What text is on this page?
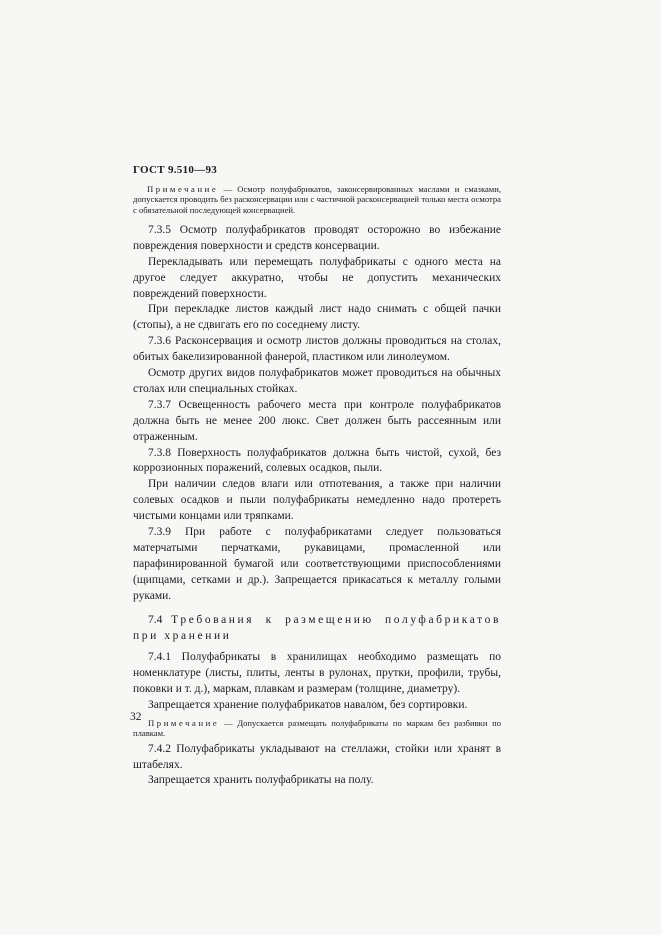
ГОСТ 9.510—93

Примечание — Осмотр полуфабрикатов, законсервированных маслами и смазками, допускается проводить без расконсервации или с частичной расконсервацией только места осмотра с обязательной последующей консервацией.

7.3.5 Осмотр полуфабрикатов проводят осторожно во избежание повреждения поверхности и средств консервации.

Перекладывать или перемещать полуфабрикаты с одного места на другое следует аккуратно, чтобы не допустить механических повреждений поверхности.

При перекладке листов каждый лист надо снимать с общей пачки (стопы), а не сдвигать его по соседнему листу.

7.3.6 Расконсервация и осмотр листов должны проводиться на столах, обитых бакелизированной фанерой, пластиком или линолеумом.

Осмотр других видов полуфабрикатов может проводиться на обычных столах или специальных стойках.

7.3.7 Освещенность рабочего места при контроле полуфабрикатов должна быть не менее 200 люкс. Свет должен быть рассеянным или отраженным.

7.3.8 Поверхность полуфабрикатов должна быть чистой, сухой, без коррозионных поражений, солевых осадков, пыли.

При наличии следов влаги или отпотевания, а также при наличии солевых осадков и пыли полуфабрикаты немедленно надо протереть чистыми концами или тряпками.

7.3.9 При работе с полуфабрикатами следует пользоваться матерчатыми перчатками, рукавицами, промасленной или парафинированной бумагой или соответствующими приспособлениями (щипцами, сетками и др.). Запрещается прикасаться к металлу голыми руками.

7.4 Требования к размещению полуфабрикатов при хранении

7.4.1 Полуфабрикаты в хранилищах необходимо размещать по номенклатуре (листы, плиты, ленты в рулонах, прутки, профили, трубы, поковки и т. д.), маркам, плавкам и размерам (толщине, диаметру).

Запрещается хранение полуфабрикатов навалом, без сортировки.

Примечание — Допускается размещать полуфабрикаты по маркам без разбивки по плавкам.

7.4.2 Полуфабрикаты укладывают на стеллажи, стойки или хранят в штабелях.

Запрещается хранить полуфабрикаты на полу.

32
